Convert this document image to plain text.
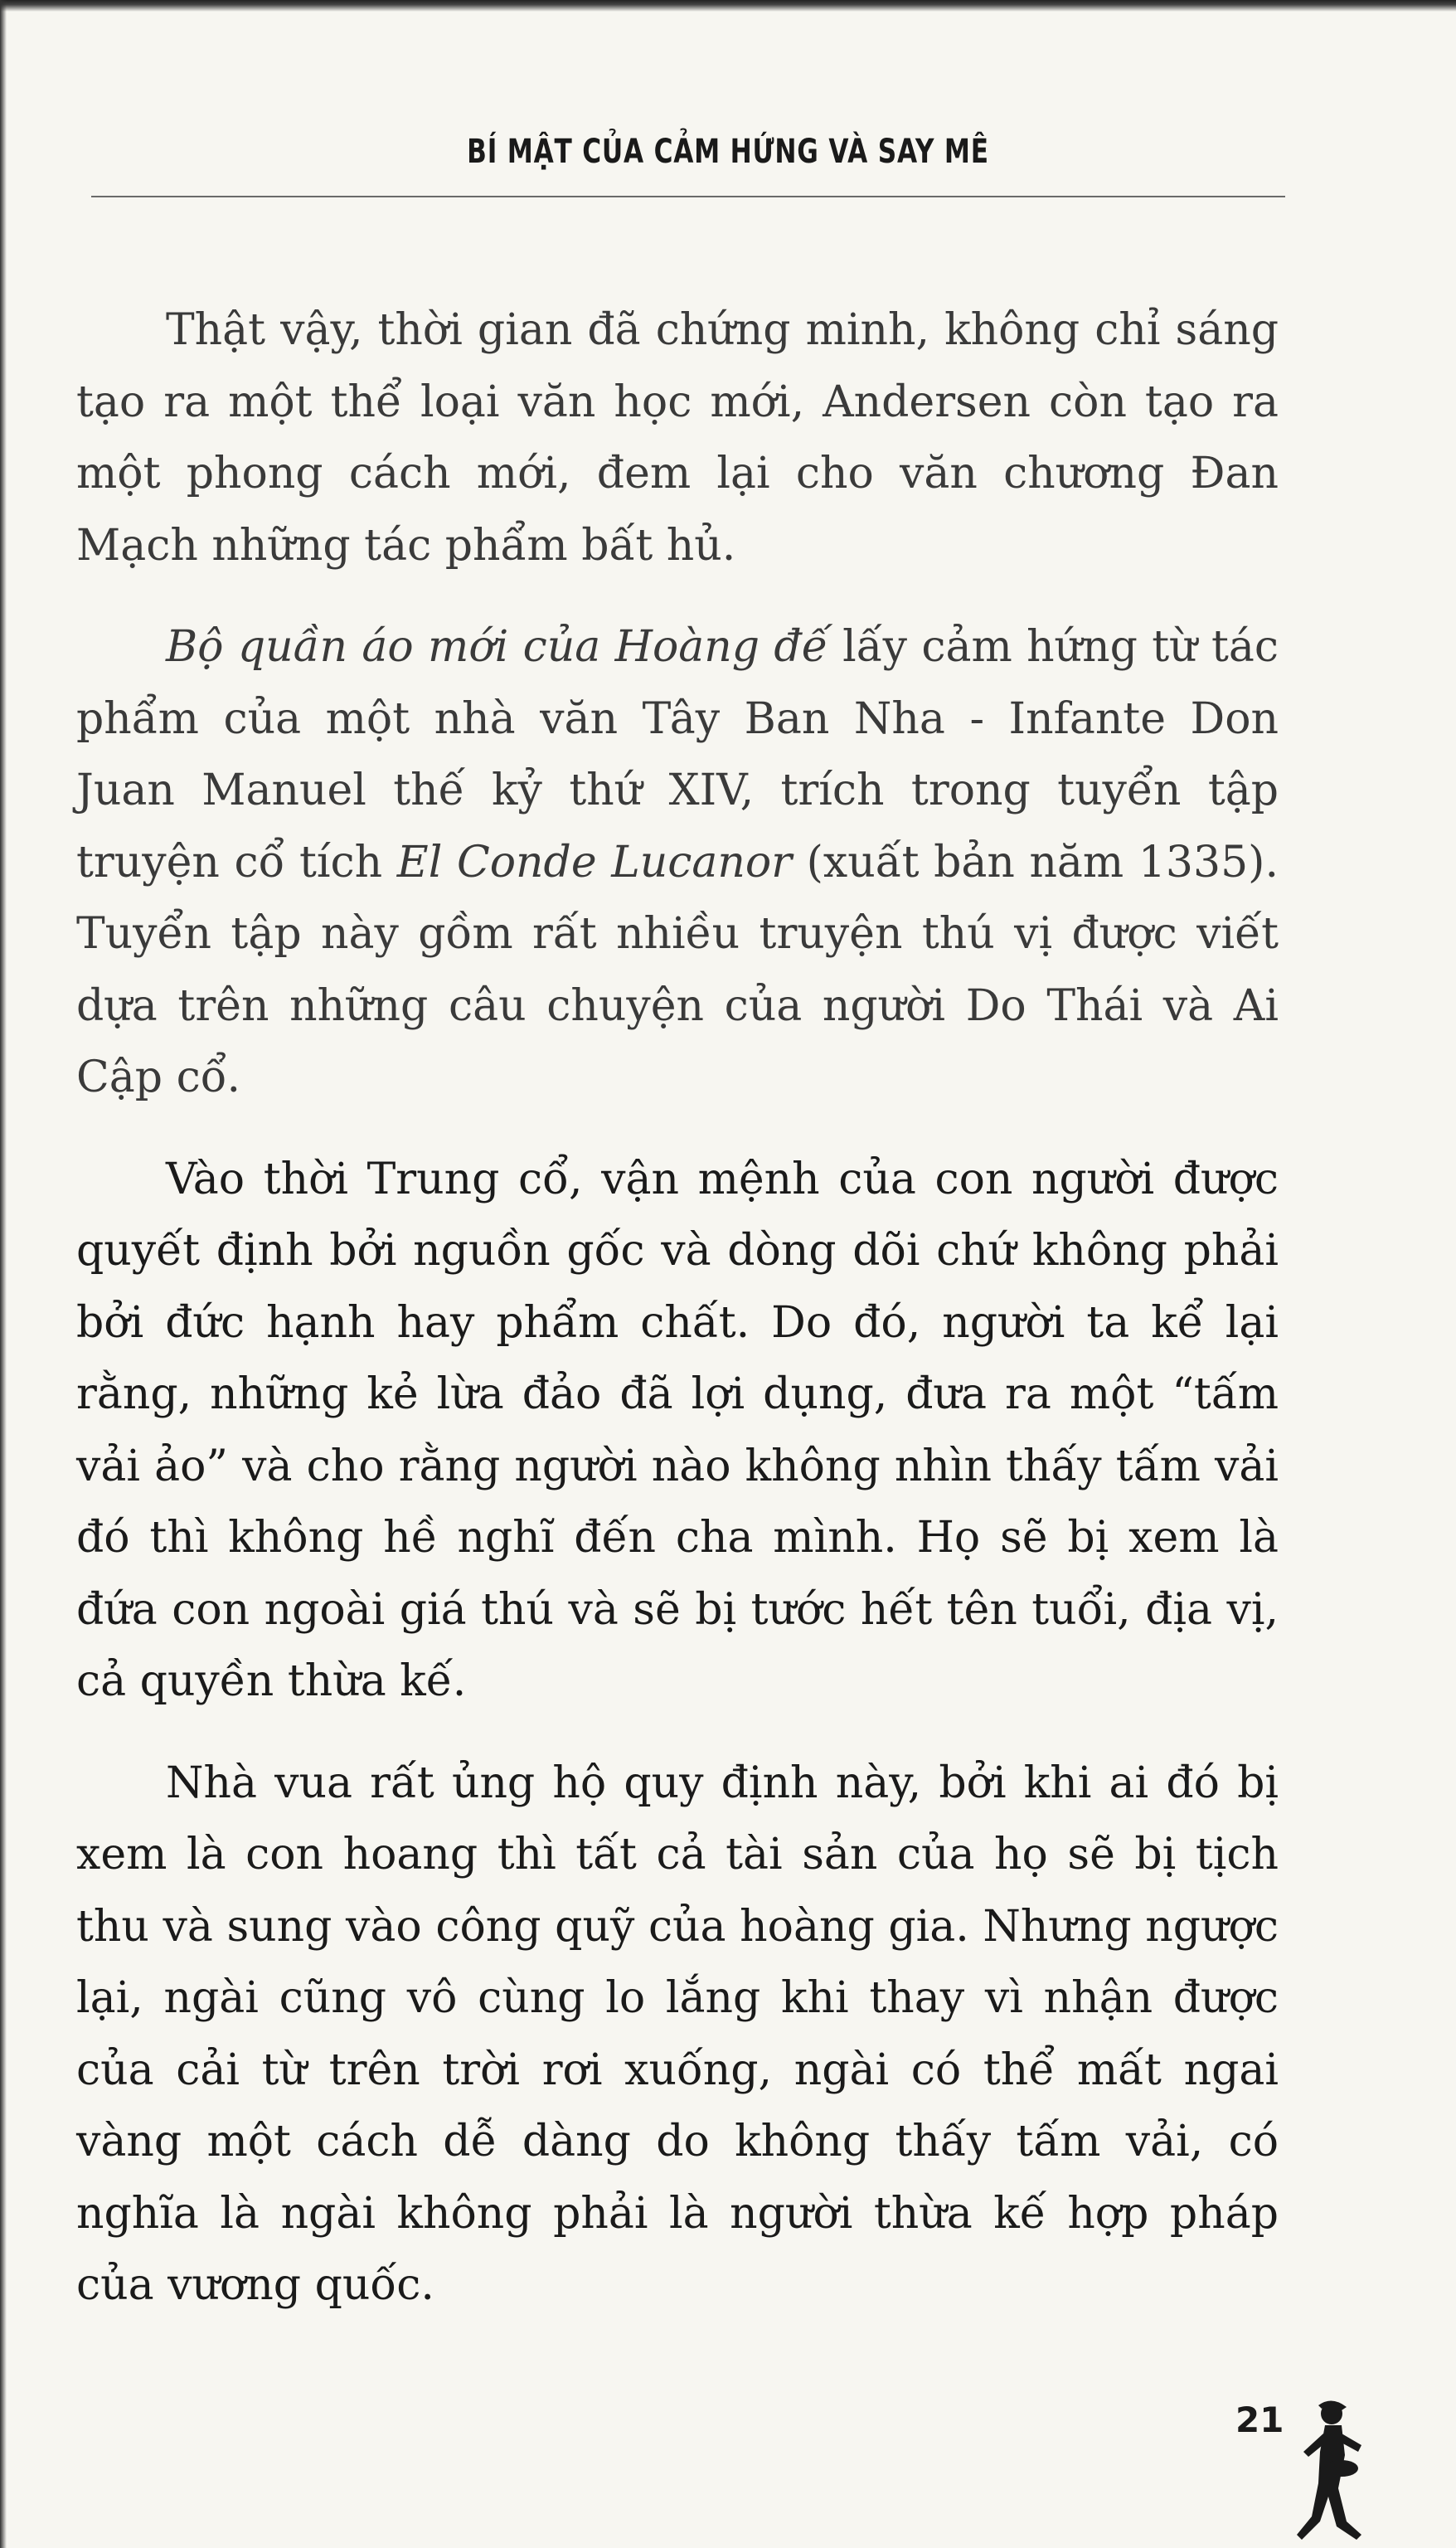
BÍ MẬT CỦA CẢM HỨNG VÀ SAY MÊ

Thật vậy, thời gian đã chứng minh, không chỉ sáng tạo ra một thể loại văn học mới, Andersen còn tạo ra một phong cách mới, đem lại cho văn chương Đan Mạch những tác phẩm bất hủ.

Bộ quần áo mới của Hoàng đế lấy cảm hứng từ tác phẩm của một nhà văn Tây Ban Nha - Infante Don Juan Manuel thế kỷ thứ XIV, trích trong tuyển tập truyện cổ tích El Conde Lucanor (xuất bản năm 1335). Tuyển tập này gồm rất nhiều truyện thú vị được viết dựa trên những câu chuyện của người Do Thái và Ai Cập cổ.

Vào thời Trung cổ, vận mệnh của con người được quyết định bởi nguồn gốc và dòng dõi chứ không phải bởi đức hạnh hay phẩm chất. Do đó, người ta kể lại rằng, những kẻ lừa đảo đã lợi dụng, đưa ra một “tấm vải ảo” và cho rằng người nào không nhìn thấy tấm vải đó thì không hề nghĩ đến cha mình. Họ sẽ bị xem là đứa con ngoài giá thú và sẽ bị tước hết tên tuổi, địa vị, cả quyền thừa kế.

Nhà vua rất ủng hộ quy định này, bởi khi ai đó bị xem là con hoang thì tất cả tài sản của họ sẽ bị tịch thu và sung vào công quỹ của hoàng gia. Nhưng ngược lại, ngài cũng vô cùng lo lắng khi thay vì nhận được của cải từ trên trời rơi xuống, ngài có thể mất ngai vàng một cách dễ dàng do không thấy tấm vải, có nghĩa là ngài không phải là người thừa kế hợp pháp của vương quốc.

21
